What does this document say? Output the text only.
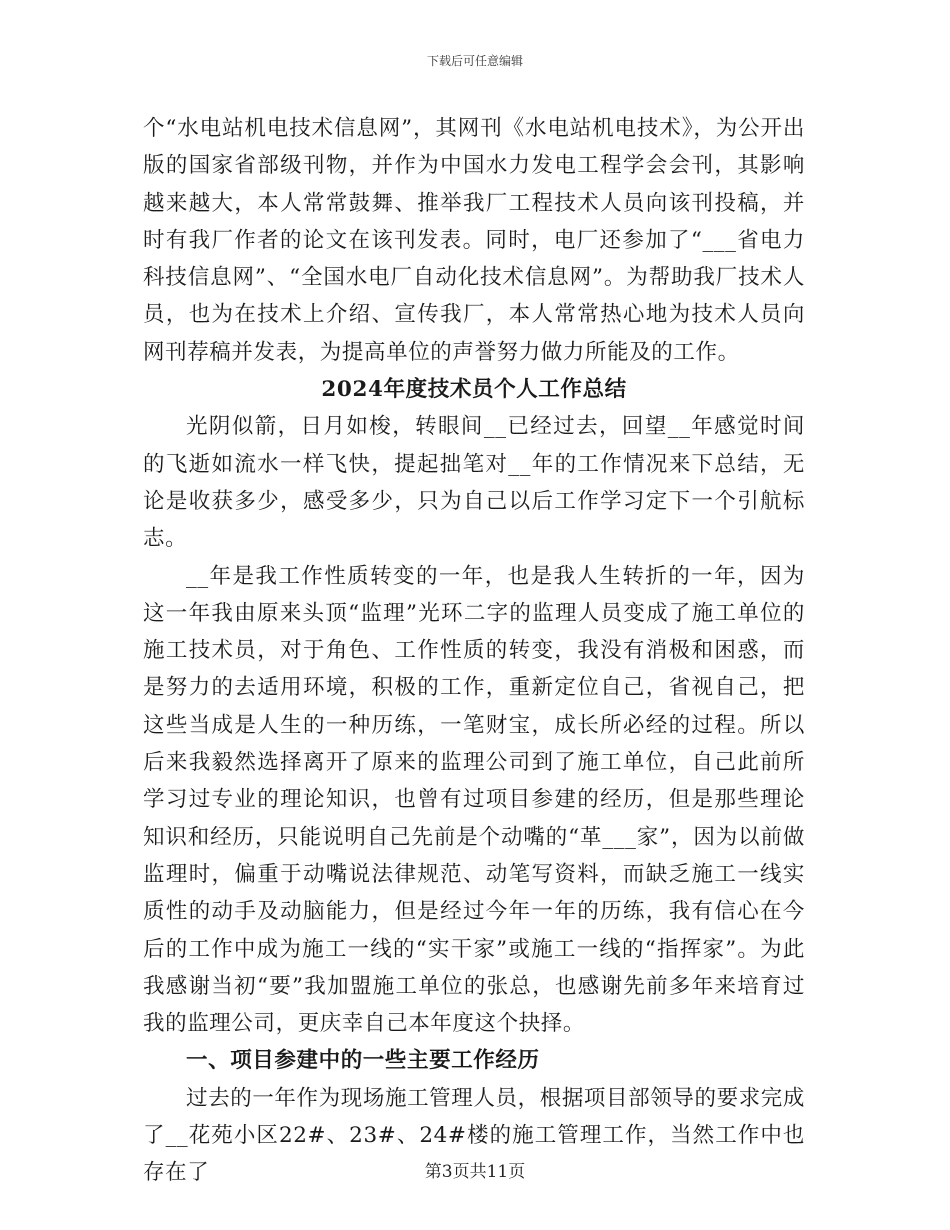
下载后可任意编辑

个“水电站机电技术信息网”，其网刊《水电站机电技术》，为公开出版的国家省部级刊物，并作为中国水力发电工程学会会刊，其影响越来越大，本人常常鼓舞、推举我厂工程技术人员向该刊投稿，并时有我厂作者的论文在该刊发表。同时，电厂还参加了“___省电力科技信息网”、“全国水电厂自动化技术信息网”。为帮助我厂技术人员，也为在技术上介绍、宣传我厂，本人常常热心地为技术人员向网刊荐稿并发表，为提高单位的声誉努力做力所能及的工作。

2024年度技术员个人工作总结

光阴似箭，日月如梭，转眼间__已经过去，回望__年感觉时间的飞逝如流水一样飞快，提起拙笔对__年的工作情况来下总结，无论是收获多少，感受多少，只为自己以后工作学习定下一个引航标志。

__年是我工作性质转变的一年，也是我人生转折的一年，因为这一年我由原来头顶“监理”光环二字的监理人员变成了施工单位的施工技术员，对于角色、工作性质的转变，我没有消极和困惑，而是努力的去适用环境，积极的工作，重新定位自己，省视自己，把这些当成是人生的一种历练，一笔财宝，成长所必经的过程。所以后来我毅然选择离开了原来的监理公司到了施工单位，自己此前所学习过专业的理论知识，也曾有过项目参建的经历，但是那些理论知识和经历，只能说明自己先前是个动嘴的“革___家”，因为以前做监理时，偏重于动嘴说法律规范、动笔写资料，而缺乏施工一线实质性的动手及动脑能力，但是经过今年一年的历练，我有信心在今后的工作中成为施工一线的“实干家”或施工一线的“指挥家”。为此我感谢当初“要”我加盟施工单位的张总，也感谢先前多年来培育过我的监理公司，更庆幸自己本年度这个抉择。

一、项目参建中的一些主要工作经历

过去的一年作为现场施工管理人员，根据项目部领导的要求完成了__花苑小区22#、23#、24#楼的施工管理工作，当然工作中也存在了	第3页共11页
